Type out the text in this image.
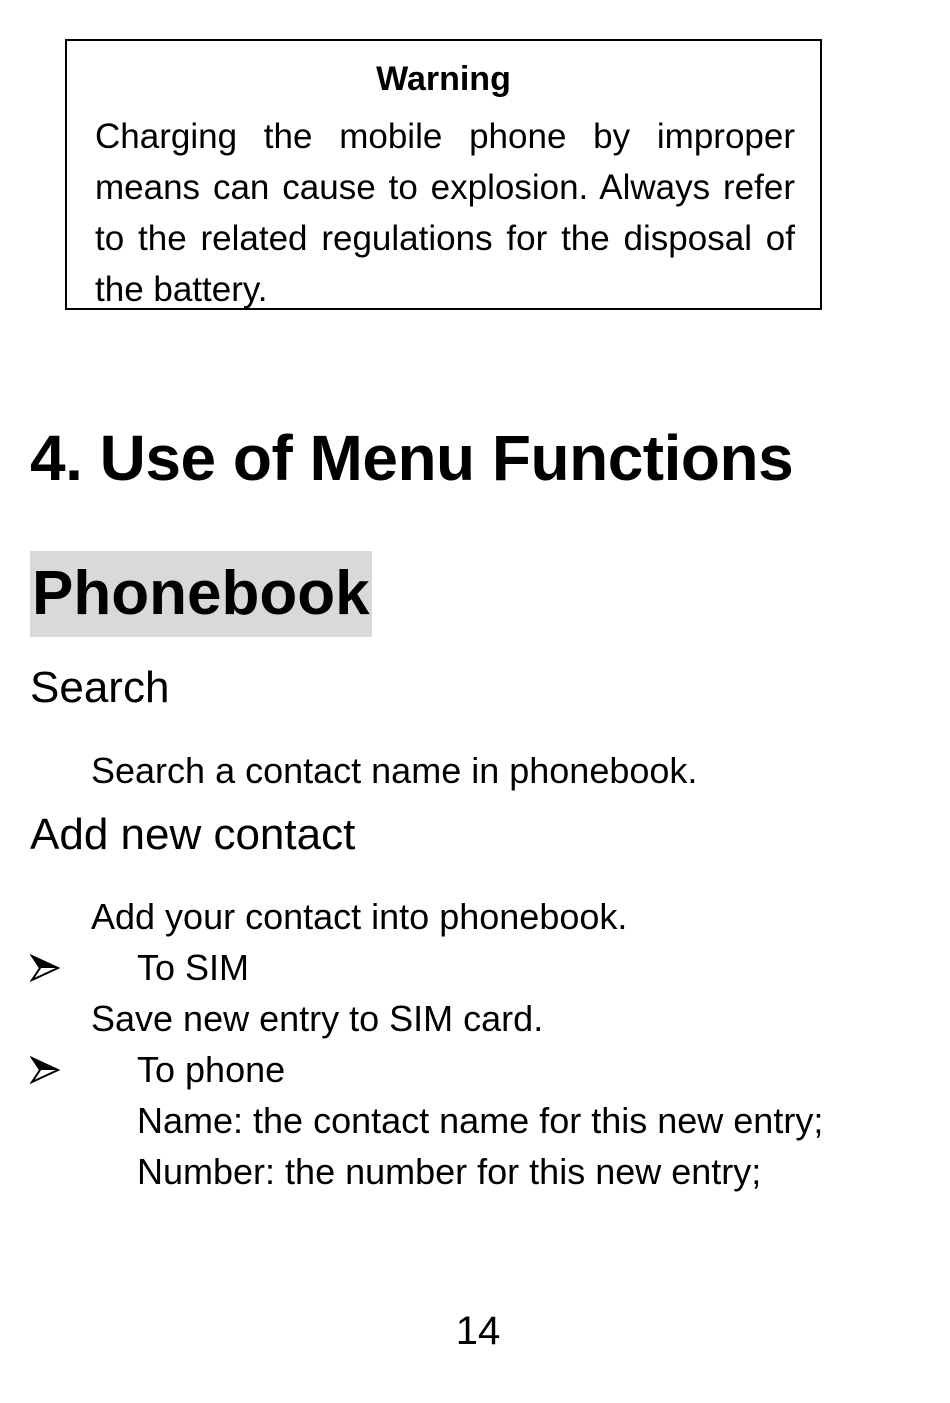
Warning
Charging the mobile phone by improper means can cause to explosion. Always refer to the related regulations for the disposal of the battery.
4. Use of Menu Functions
Phonebook
Search
Search a contact name in phonebook.
Add new contact
Add your contact into phonebook.
To SIM
Save new entry to SIM card.
To phone
Name: the contact name for this new entry;
Number: the number for this new entry;
14
